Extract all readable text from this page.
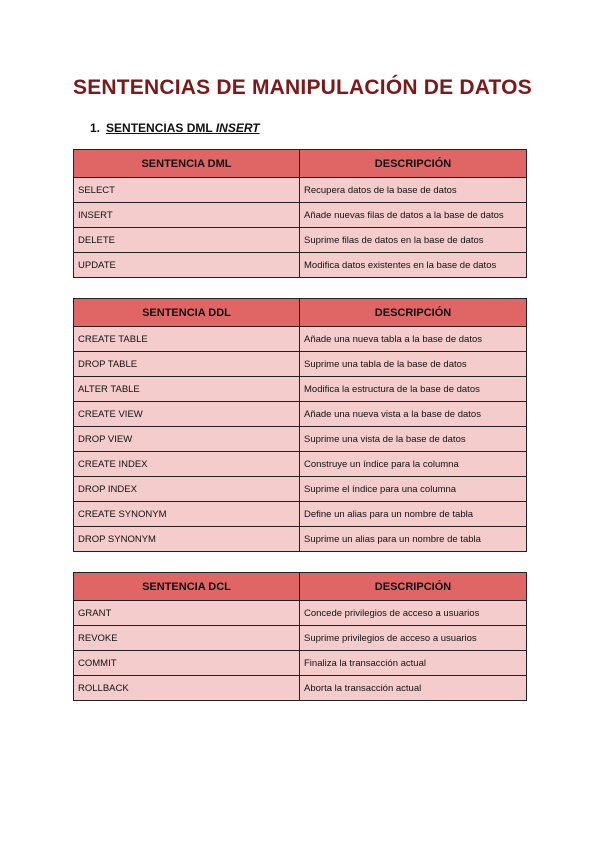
SENTENCIAS DE MANIPULACIÓN DE DATOS
1. SENTENCIAS DML INSERT
SENTENCIA DML	DESCRIPCIÓN
SELECT	Recupera datos de la base de datos
INSERT	Añade nuevas filas de datos a la base de datos
DELETE	Suprime filas de datos en la base de datos
UPDATE	Modifica datos existentes en la base de datos
SENTENCIA DDL	DESCRIPCIÓN
CREATE TABLE	Añade una nueva tabla a la base de datos
DROP TABLE	Suprime una tabla de la base de datos
ALTER TABLE	Modifica la estructura de la base de datos
CREATE VIEW	Añade una nueva vista a la base de datos
DROP VIEW	Suprime una vista de la base de datos
CREATE INDEX	Construye un índice para la columna
DROP INDEX	Suprime el índice para una columna
CREATE SYNONYM	Define un alias para un nombre de tabla
DROP SYNONYM	Suprime un alias para un nombre de tabla
SENTENCIA DCL	DESCRIPCIÓN
GRANT	Concede privilegios de acceso a usuarios
REVOKE	Suprime privilegios de acceso a usuarios
COMMIT	Finaliza la transacción actual
ROLLBACK	Aborta la transacción actual
